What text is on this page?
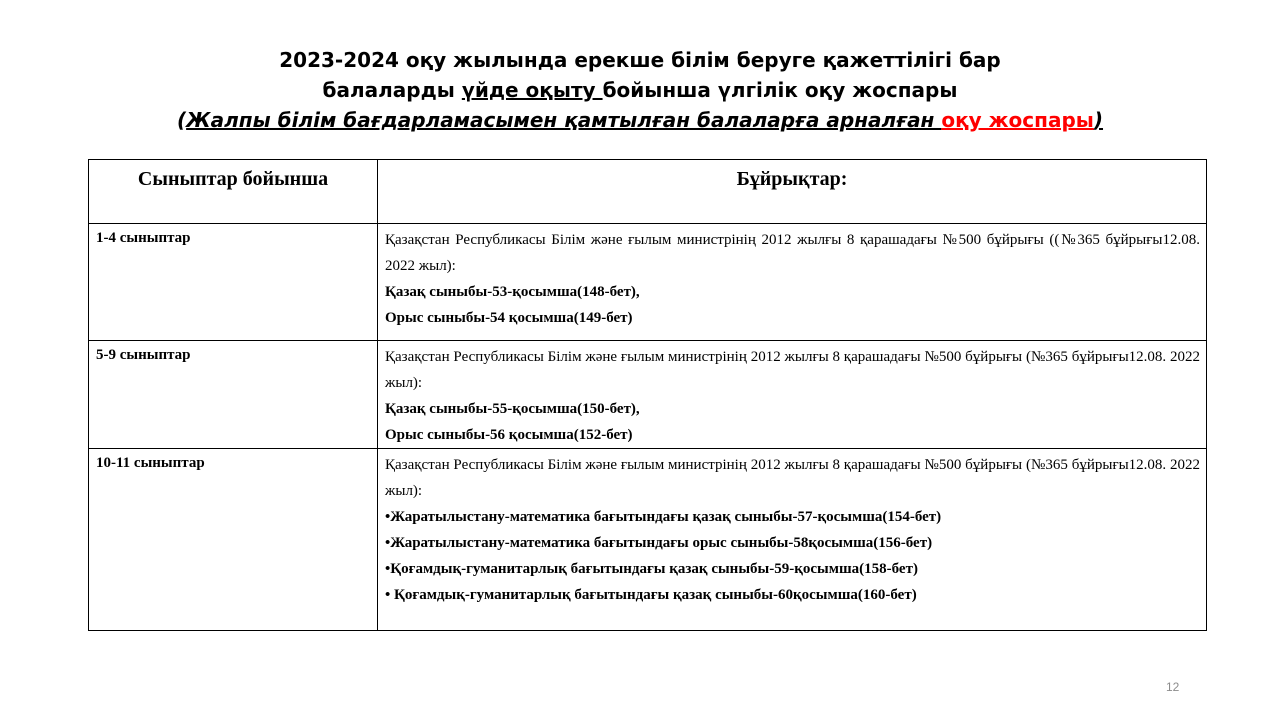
2023-2024 оқу жылында ерекше білім беруге қажеттілігі бар
балаларды үйде оқыту бойынша үлгілік оқу жоспары
(Жалпы білім бағдарламасымен қамтылған балаларға арналған оқу жоспары)
Сыныптар бойынша	Бұйрықтар:
1-4 сыныптар	Қазақстан Республикасы Білім және ғылым министрінің 2012 жылғы 8 қарашадағы №500 бұйрығы ((№365 бұйрығы12.08. 2022 жыл):

Қазақ сыныбы-53-қосымша(148-бет),

Орыс сыныбы-54 қосымша(149-бет)

5-9 сыныптар	Қазақстан Республикасы Білім және ғылым министрінің 2012 жылғы 8 қарашадағы №500 бұйрығы (№365 бұйрығы12.08. 2022 жыл):

Қазақ сыныбы-55-қосымша(150-бет),

Орыс сыныбы-56 қосымша(152-бет)

10-11 сыныптар	Қазақстан Республикасы Білім және ғылым министрінің 2012 жылғы 8 қарашадағы №500 бұйрығы (№365 бұйрығы12.08. 2022 жыл):

•Жаратылыстану-математика бағытындағы қазақ сыныбы-57-қосымша(154-бет)

•Жаратылыстану-математика бағытындағы орыс сыныбы-58қосымша(156-бет)

•Қоғамдық-гуманитарлық бағытындағы қазақ сыныбы-59-қосымша(158-бет)

• Қоғамдық-гуманитарлық бағытындағы қазақ сыныбы-60қосымша(160-бет)

12
